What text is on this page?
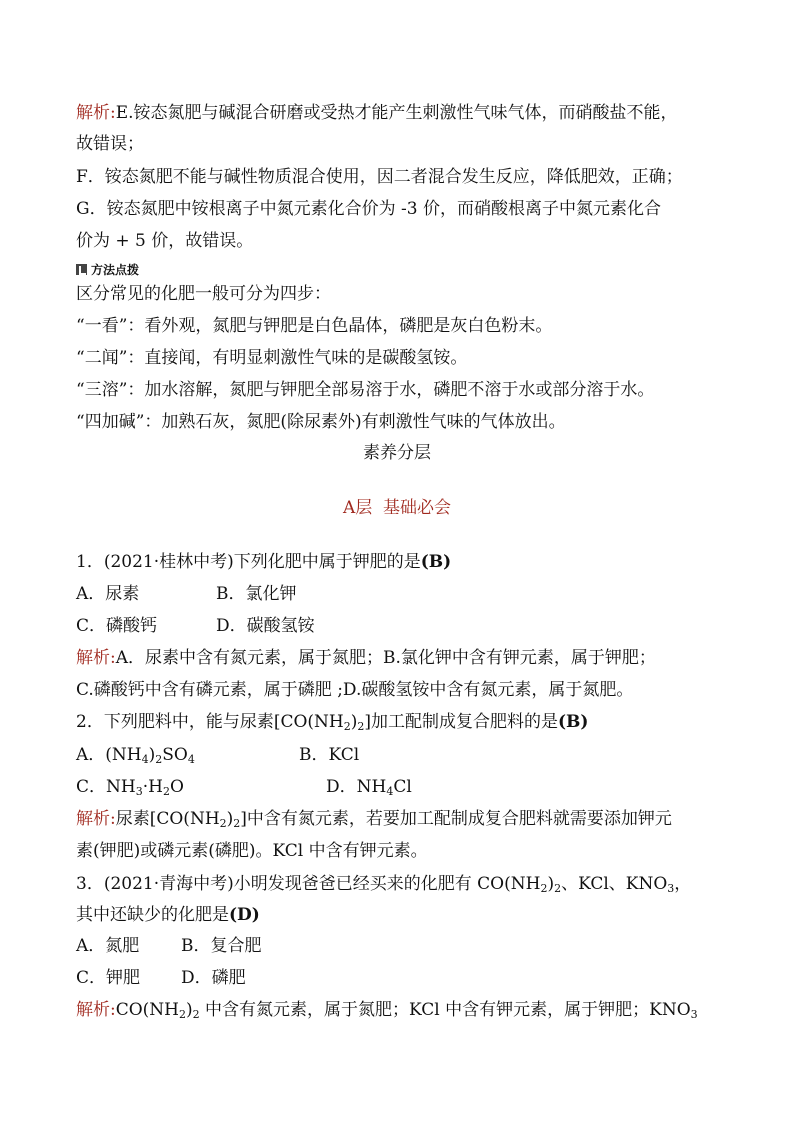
解析:E.铵态氮肥与碱混合研磨或受热才能产生刺激性气味气体，而硝酸盐不能，
故错误；
F．铵态氮肥不能与碱性物质混合使用，因二者混合发生反应，降低肥效，正确；
G．铵态氮肥中铵根离子中氮元素化合价为 -3 价，而硝酸根离子中氮元素化合
价为 + 5 价，故错误。
方法点拨
区分常见的化肥一般可分为四步：
“一看”：看外观，氮肥与钾肥是白色晶体，磷肥是灰白色粉末。
“二闻”：直接闻，有明显刺激性气味的是碳酸氢铵。
“三溶”：加水溶解，氮肥与钾肥全部易溶于水，磷肥不溶于水或部分溶于水。
“四加碱”：加熟石灰，氮肥(除尿素外)有刺激性气味的气体放出。
素养分层
A层  基础必会
1．(2021·桂林中考)下列化肥中属于钾肥的是(B)
A．尿素	B．氯化钾
C．磷酸钙	D．碳酸氢铵
解析:A．尿素中含有氮元素，属于氮肥；B.氯化钾中含有钾元素，属于钾肥；
C.磷酸钙中含有磷元素，属于磷肥 ;D.碳酸氢铵中含有氮元素，属于氮肥。
2．下列肥料中，能与尿素$[CO(NH_2)_2]$加工配制成复合肥料的是(B)
A．$(NH_4)_2SO_4$	B．KCl
C．$NH_3\cdot H_2O$	D．$NH_4Cl$
解析:尿素$[CO(NH_2)_2]$中含有氮元素，若要加工配制成复合肥料就需要添加钾元
素(钾肥)或磷元素(磷肥)。KCl 中含有钾元素。
3．(2021·青海中考)小明发现爸爸已经买来的化肥有 $CO(NH_2)_2$、KCl、$KNO_3$，
其中还缺少的化肥是(D)
A．氮肥 B．复合肥
C．钾肥 D．磷肥
解析$:CO(NH_2)_2$ 中含有氮元素，属于氮肥；KCl 中含有钾元素，属于钾肥；$KNO_3$
